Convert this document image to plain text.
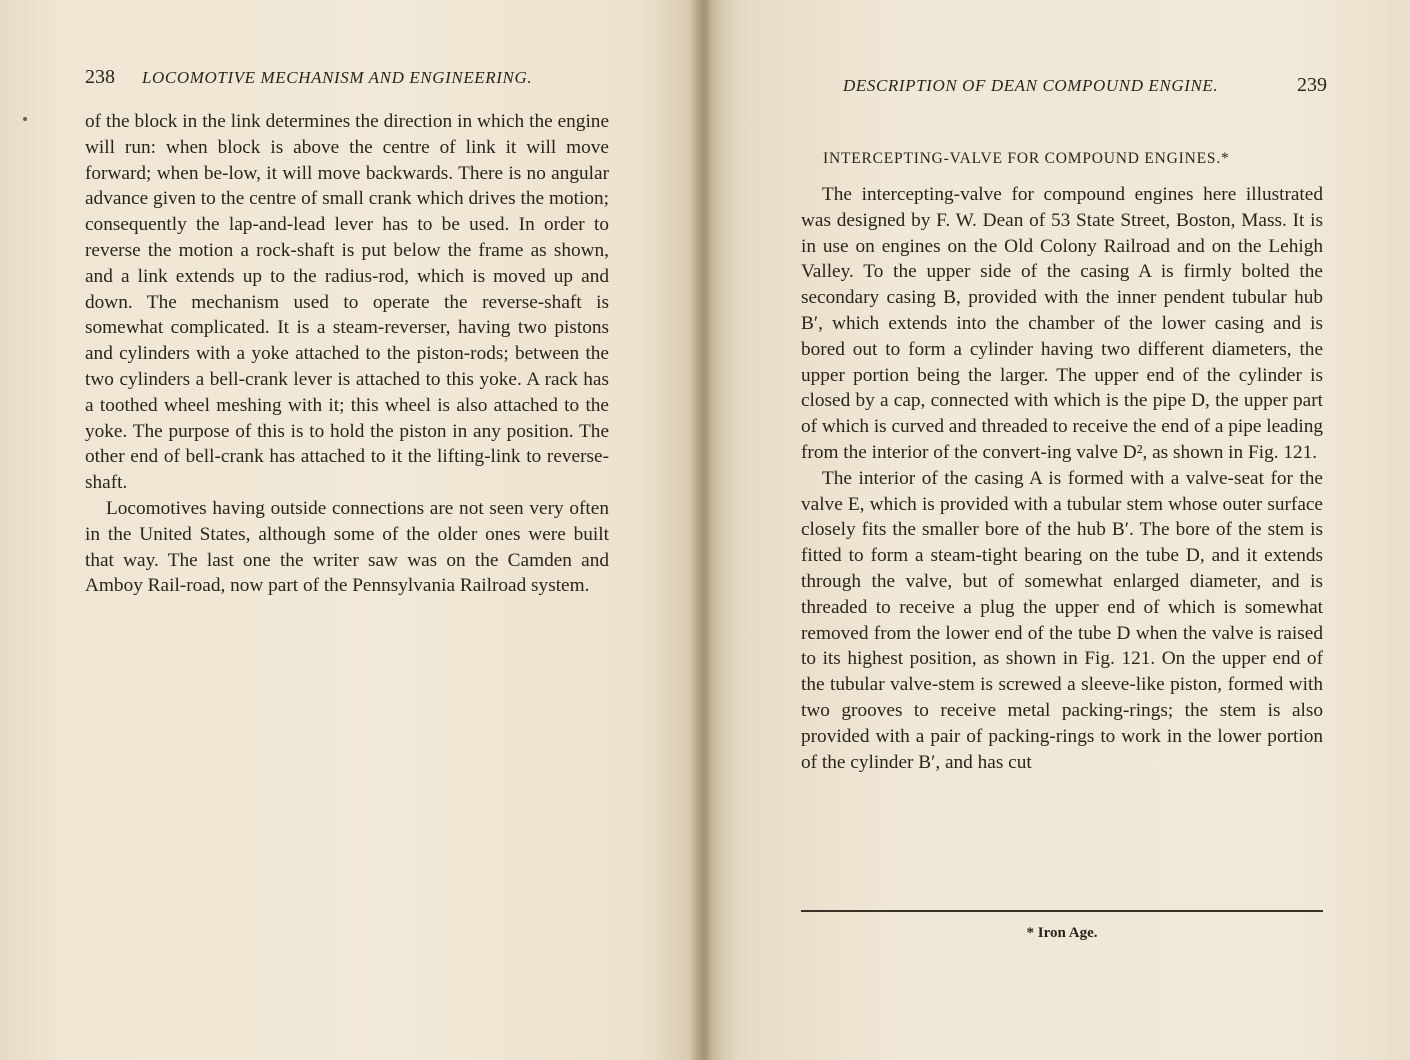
238 LOCOMOTIVE MECHANISM AND ENGINEERING.

of the block in the link determines the direction in which the engine will run: when block is above the centre of link it will move forward; when be-low, it will move backwards. There is no angular advance given to the centre of small crank which drives the motion; consequently the lap-and-lead lever has to be used. In order to reverse the motion a rock-shaft is put below the frame as shown, and a link extends up to the radius-rod, which is moved up and down. The mechanism used to operate the reverse-shaft is somewhat complicated. It is a steam-reverser, having two pistons and cylinders with a yoke attached to the piston-rods; between the two cylinders a bell-crank lever is attached to this yoke. A rack has a toothed wheel meshing with it; this wheel is also attached to the yoke. The purpose of this is to hold the piston in any position. The other end of bell-crank has attached to it the lifting-link to reverse-shaft.

Locomotives having outside connections are not seen very often in the United States, although some of the older ones were built that way. The last one the writer saw was on the Camden and Amboy Rail-road, now part of the Pennsylvania Railroad system.

DESCRIPTION OF DEAN COMPOUND ENGINE.	239
INTERCEPTING-VALVE FOR COMPOUND ENGINES.*

The intercepting-valve for compound engines here illustrated was designed by F. W. Dean of 53 State Street, Boston, Mass. It is in use on engines on the Old Colony Railroad and on the Lehigh Valley. To the upper side of the casing A is firmly bolted the secondary casing B, provided with the inner pendent tubular hub B′, which extends into the chamber of the lower casing and is bored out to form a cylinder having two different diameters, the upper portion being the larger. The upper end of the cylinder is closed by a cap, connected with which is the pipe D, the upper part of which is curved and threaded to receive the end of a pipe leading from the interior of the convert-ing valve D², as shown in Fig. 121.

The interior of the casing A is formed with a valve-seat for the valve E, which is provided with a tubular stem whose outer surface closely fits the smaller bore of the hub B′. The bore of the stem is fitted to form a steam-tight bearing on the tube D, and it extends through the valve, but of somewhat enlarged diameter, and is threaded to receive a plug the upper end of which is somewhat removed from the lower end of the tube D when the valve is raised to its highest position, as shown in Fig. 121. On the upper end of the tubular valve-stem is screwed a sleeve-like piston, formed with two grooves to receive metal packing-rings; the stem is also provided with a pair of packing-rings to work in the lower portion of the cylinder B′, and has cut

* Iron Age.
